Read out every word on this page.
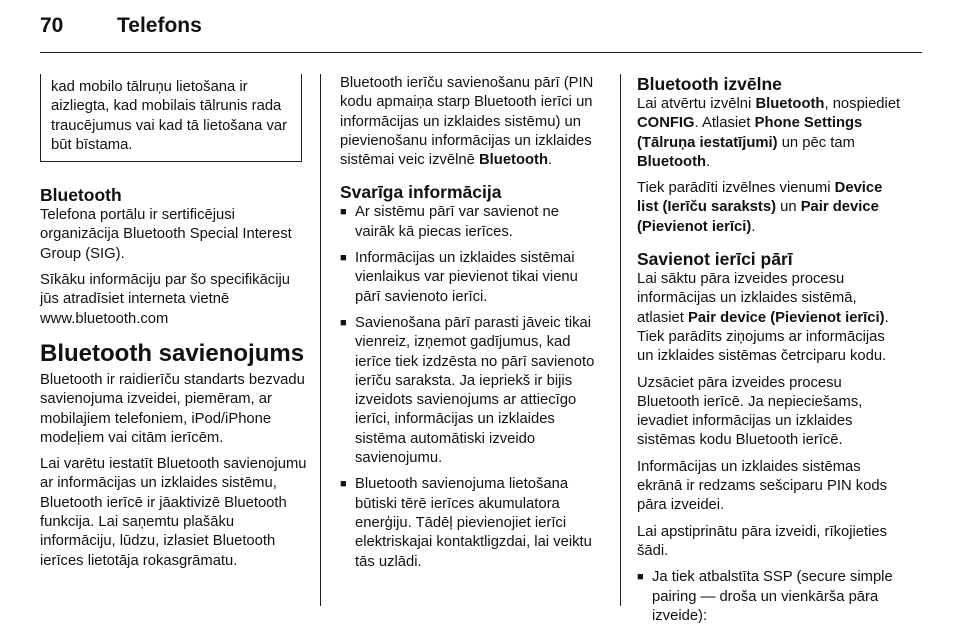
70	Telefons
kad mobilo tālruņu lietošana ir aizliegta, kad mobilais tālrunis rada traucējumus vai kad tā lietošana var būt bīstama.
Bluetooth

Telefona portālu ir sertificējusi organizācija Bluetooth Special Interest Group (SIG).

Sīkāku informāciju par šo specifikāciju jūs atradīsiet interneta vietnē www.bluetooth.com

Bluetooth savienojums

Bluetooth ir raidierīču standarts bezvadu savienojuma izveidei, piemēram, ar mobilajiem telefoniem, iPod/iPhone modeļiem vai citām ierīcēm.

Lai varētu iestatīt Bluetooth savienojumu ar informācijas un izklaides sistēmu, Bluetooth ierīcē ir jāaktivizē Bluetooth funkcija. Lai saņemtu plašāku informāciju, lūdzu, izlasiet Bluetooth ierīces lietotāja rokasgrāmatu.

Bluetooth ierīču savienošanu pārī (PIN kodu apmaiņa starp Bluetooth ierīci un informācijas un izklaides sistēmu) un pievienošanu informācijas un izklaides sistēmai veic izvēlnē Bluetooth.

Svarīga informācija
■ Ar sistēmu pārī var savienot ne vairāk kā piecas ierīces.
■ Informācijas un izklaides sistēmai vienlaikus var pievienot tikai vienu pārī savienoto ierīci.
■ Savienošana pārī parasti jāveic tikai vienreiz, izņemot gadījumus, kad ierīce tiek izdzēsta no pārī savienoto ierīču saraksta. Ja iepriekš ir bijis izveidots savienojums ar attiecīgo ierīci, informācijas un izklaides sistēma automātiski izveido savienojumu.
■ Bluetooth savienojuma lietošana būtiski tērē ierīces akumulatora enerģiju. Tādēļ pievienojiet ierīci elektriskajai kontaktligzdai, lai veiktu tās uzlādi.
Bluetooth izvēlne

Lai atvērtu izvēlni Bluetooth, nospiediet CONFIG. Atlasiet Phone Settings (Tālruņa iestatījumi) un pēc tam Bluetooth.

Tiek parādīti izvēlnes vienumi Device list (Ierīču saraksts) un Pair device (Pievienot ierīci).

Savienot ierīci pārī

Lai sāktu pāra izveides procesu informācijas un izklaides sistēmā, atlasiet Pair device (Pievienot ierīci). Tiek parādīts ziņojums ar informācijas un izklaides sistēmas četrciparu kodu.

Uzsāciet pāra izveides procesu Bluetooth ierīcē. Ja nepieciešams, ievadiet informācijas un izklaides sistēmas kodu Bluetooth ierīcē.

Informācijas un izklaides sistēmas ekrānā ir redzams sešciparu PIN kods pāra izveidei.

Lai apstiprinātu pāra izveidi, rīkojieties šādi.

■ Ja tiek atbalstīta SSP (secure simple pairing — droša un vienkārša pāra izveide):
